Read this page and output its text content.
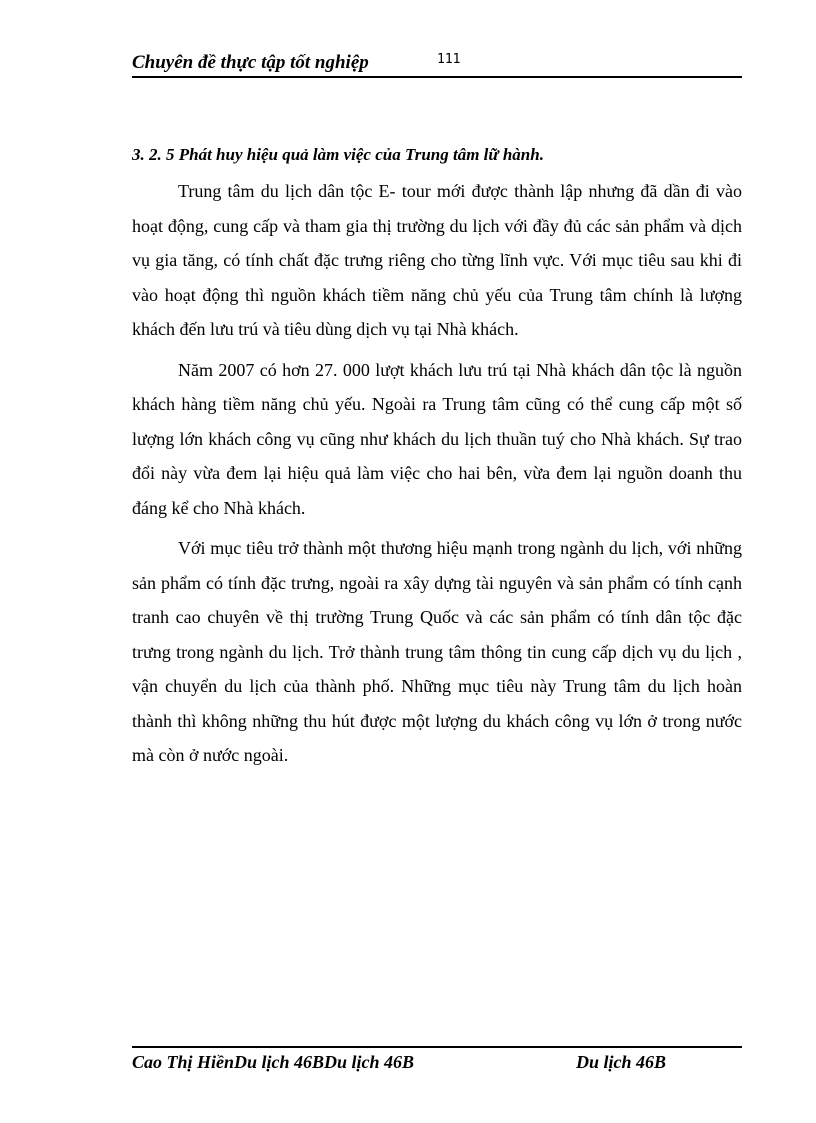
Chuyên đề thực tập tốt nghiệp	111
3. 2. 5 Phát huy hiệu quả làm việc của Trung tâm lữ hành.

Trung tâm du lịch dân tộc E- tour mới được thành lập nhưng đã dần đi vào hoạt động, cung cấp và tham gia thị trường du lịch với đầy đủ các sản phẩm và dịch vụ gia tăng, có tính chất đặc trưng riêng cho từng lĩnh vực. Với mục tiêu sau khi đi vào hoạt động thì nguồn khách tiềm năng chủ yếu của Trung tâm chính là lượng khách đến lưu trú và tiêu dùng dịch vụ tại Nhà khách.

Năm 2007 có hơn 27. 000 lượt khách lưu trú tại Nhà khách dân tộc là nguồn khách hàng tiềm năng chủ yếu. Ngoài ra Trung tâm cũng có thể cung cấp một số lượng lớn khách công vụ cũng như khách du lịch thuần tuý cho Nhà khách. Sự trao đổi này vừa đem lại hiệu quả làm việc cho hai bên, vừa đem lại nguồn doanh thu đáng kể cho Nhà khách.

Với mục tiêu trở thành một thương hiệu mạnh trong ngành du lịch, với những sản phẩm có tính đặc trưng, ngoài ra xây dựng tài nguyên và sản phẩm có tính cạnh tranh cao chuyên về thị trường Trung Quốc và các sản phẩm có tính dân tộc đặc trưng trong ngành du lịch. Trở thành trung tâm thông tin cung cấp dịch vụ du lịch , vận chuyển du lịch của thành phố. Những mục tiêu này Trung tâm du lịch hoàn thành thì không những thu hút được một lượng du khách công vụ lớn ở trong nước mà còn ở nước ngoài.

Cao Thị HiềnDu lịch 46BDu lịch 46B	Du lịch 46B
